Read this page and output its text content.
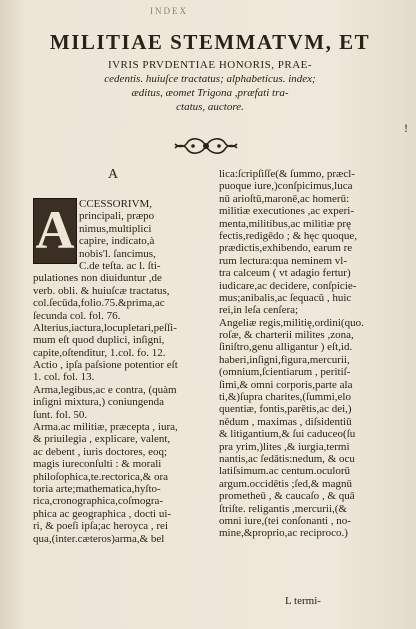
INDEX
MILITIAE STEMMATVM, ET
IVRIS PRVDENTIAE HONORIS, PRAE-
cedentis. huiuſce tractatus; alphabeticus. index;
æditus, æomet Trigona ,præfati tra-
ctatus, auctore.
!
A
A CCESSORIVM,
principali, præpo
nimus,multiplici
capire, indicato,à
nobis'l. ſancimus,
C.de teſta. ac l. ſti-
pulationes non diuiduntur ,de
verb. obli. & huiuſcæ tractatus,
col.ſecūda,folio.75.&prima,ac
ſecunda col. fol. 76.
Alterius,iactura,locupletari,peſſi-
mum eſt quod duplici, inſigni,
capite,oſtenditur, 1.col. fo. 12.
Actio , ipſa paſsione potentior eſt
1. col. fol. 13.
Arma,legibus,ac e contra, (quàm
inſigni mixtura,) coniungenda
ſunt. fol. 50.
Arma.ac militiæ, præcepta , iura,
& priuilegia , explicare, valent,
ac debent , iuris doctores, eoq;
magis iureconſulti : & morali
philoſophica,te.rectorica,& ora
toria arte;mathematica,hyſto-
rica,cronographica,coſmogra-
phica ac geographica , docti ui-
ri, & poeſi ipſa;ac heroyca , rei
qua,(inter.cæteros)arma,& bel
lica:ſcripſiſſe(& ſummo, præcl-
puoque iure,)conſpicimus,luca
nū arioſtū,maronē,ac homerū:
militiæ executiones ,ac experi-
menta,militibus,ac militiæ prę
fectis,redigēdo ; & hęc quoque,
prædictis,exhibendo, earum re
rum lectura:qua neminem vl-
tra calceum ( vt adagio fertur)
iudicare,ac decidere, conſpicie-
mus;anibalis,ac ſequacū , huic
rei,in leſa cenſera;
Angeliæ regis,militię,ordini(quo.
roſæ, & charterii milites ,zona,
ſiniſtro,genu alligantur ) eſt,id.
haberi,inſigni,figura,mercurii,
(omnium,ſcientiarum , peritiſ-
ſimi,& omni corporis,parte ala
ti,&)ſupra charites,(ſummi,elo
quentiæ, fontis,parētis,ac dei,)
nēdum , maximas , diſsidentiū
& litigantium,& ſui caduceo(ſu
pra yrim,)lites ,& iurgia,termi
nantis,ac ſedātis:nedum, & ocu
latiſsimum.ac centum.oculorū
argum.occidētis ;ſed,& magnū
prometheū , & caucaſo , & quā
ſtriſte. religantis ,mercurii,(&
omni iure,(tei conſonanti , no-
mine,&proprio,ac reciproco.)
L termi-
